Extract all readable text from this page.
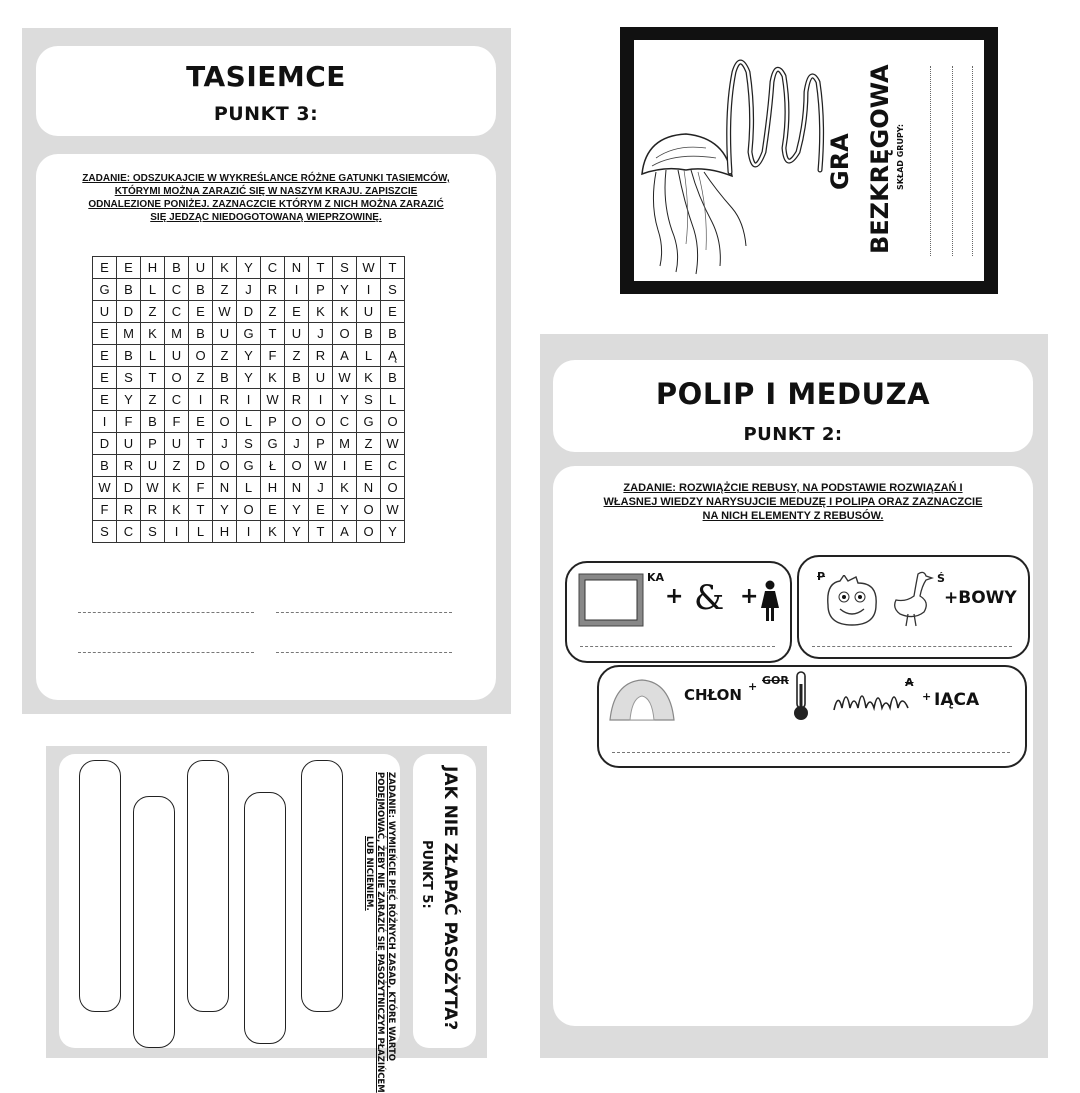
TASIEMCE
PUNKT 3:
ZADANIE: ODSZUKAJCIE W WYKREŚLANCE RÓŻNE GATUNKI TASIEMCÓW,
KTÓRYMI MOŻNA ZARAZIĆ SIĘ W NASZYM KRAJU. ZAPISZCIE
ODNALEZIONE PONIŻEJ. ZAZNACZCIE KTÓRYM Z NICH MOŻNA ZARAZIĆ
SIĘ JEDZĄC NIEDOGOTOWANĄ WIEPRZOWINĘ.
E	E	H	B	U	K	Y	C	N	T	S	W	T
G	B	L	C	B	Z	J	R	I	P	Y	I	S
U	D	Z	C	E	W	D	Z	E	K	K	U	E
E	M	K	M	B	U	G	T	U	J	O	B	B
E	B	L	U	O	Z	Y	F	Z	R	A	L	Ą
E	S	T	O	Z	B	Y	K	B	U	W	K	B
E	Y	Z	C	I	R	I	W	R	I	Y	S	L
I	F	B	F	E	O	L	P	O	O	C	G	O
D	U	P	U	T	J	S	G	J	P	M	Z	W
B	R	U	Z	D	O	G	Ł	O	W	I	E	C
W	D	W	K	F	N	L	H	N	J	K	N	O
F	R	R	K	T	Y	O	E	Y	E	Y	O	W
S	C	S	I	L	H	I	K	Y	T	A	O	Y
GRA BEZKRĘGOWA SKŁAD GRUPY:
POLIP I MEDUZA
PUNKT 2:
ZADANIE: ROZWIĄŻCIE REBUSY, NA PODSTAWIE ROZWIĄZAŃ I
WŁASNEJ WIEDZY NARYSUJCIE MEDUZĘ I POLIPA ORAZ ZAZNACZCIE
NA NICH ELEMENTY Z REBUSÓW.
KA
+ & +
P	Ś
+BOWY
CHŁON + GOR	A
+ IĄCA
ZADANIE: WYMIEŃCIE PIĘĆ RÓŻNYCH ZASAD, KTÓRE WARTO
PODEJMOWAĆ, ŻEBY NIE ZARAZIĆ SIĘ PASOŻYTNICZYM PŁAZIŃCEM
LUB NICIENIEM.	JAK NIE ZŁAPAĆ PASOŻYTA?
PUNKT 5:
